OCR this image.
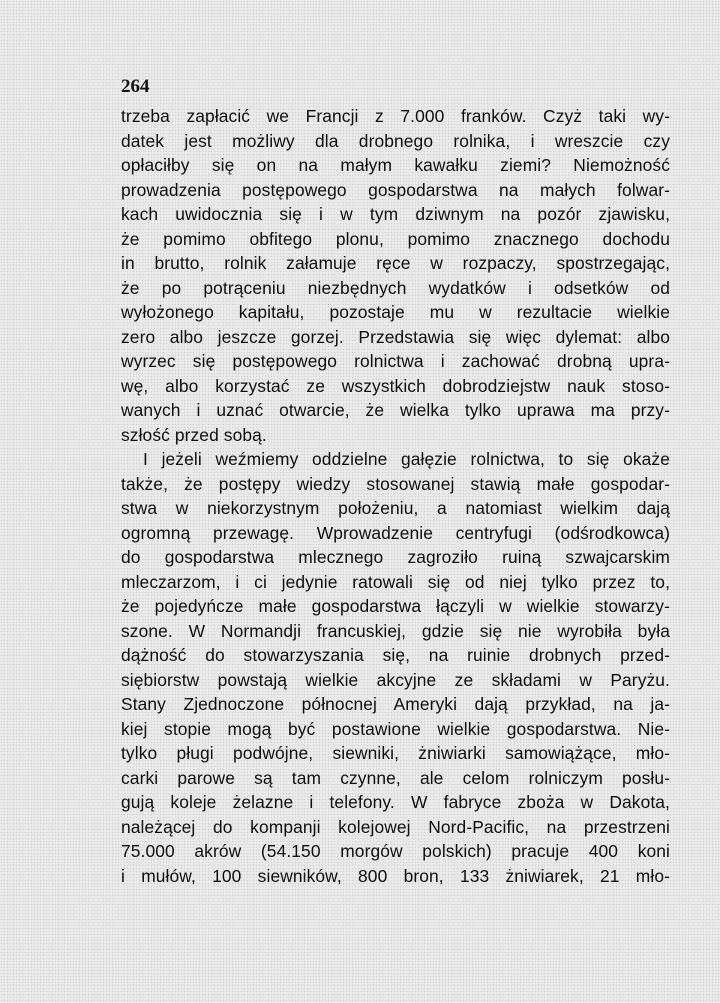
264
trzeba zapłacić we Francji z 7.000 franków. Czyż taki wy-
datek jest możliwy dla drobnego rolnika, i wreszcie czy
opłaciłby się on na małym kawałku ziemi? Niemożność
prowadzenia postępowego gospodarstwa na małych folwar-
kach uwidocznia się i w tym dziwnym na pozór zjawisku,
że pomimo obfitego plonu, pomimo znacznego dochodu
in brutto, rolnik załamuje ręce w rozpaczy, spostrzegając,
że po potrąceniu niezbędnych wydatków i odsetków od
wyłożonego kapitału, pozostaje mu w rezultacie wielkie
zero albo jeszcze gorzej. Przedstawia się więc dylemat: albo
wyrzec się postępowego rolnictwa i zachować drobną upra-
wę, albo korzystać ze wszystkich dobrodziejstw nauk stoso-
wanych i uznać otwarcie, że wielka tylko uprawa ma przy-
szłość przed sobą.
I jeżeli weźmiemy oddzielne gałęzie rolnictwa, to się okaże
także, że postępy wiedzy stosowanej stawią małe gospodar-
stwa w niekorzystnym położeniu, a natomiast wielkim dają
ogromną przewagę. Wprowadzenie centryfugi (odśrodkowca)
do gospodarstwa mlecznego zagroziło ruiną szwajcarskim
mleczarzom, i ci jedynie ratowali się od niej tylko przez to,
że pojedyńcze małe gospodarstwa łączyli w wielkie stowarzy-
szone. W Normandji francuskiej, gdzie się nie wyrobiła była
dążność do stowarzyszania się, na ruinie drobnych przed-
siębiorstw powstają wielkie akcyjne ze składami w Paryżu.
Stany Zjednoczone północnej Ameryki dają przykład, na ja-
kiej stopie mogą być postawione wielkie gospodarstwa. Nie-
tylko pługi podwójne, siewniki, żniwiarki samowiążące, mło-
carki parowe są tam czynne, ale celom rolniczym posłu-
gują koleje żelazne i telefony. W fabryce zboża w Dakota,
należącej do kompanji kolejowej Nord-Pacific, na przestrzeni
75.000 akrów (54.150 morgów polskich) pracuje 400 koni
i mułów, 100 siewników, 800 bron, 133 żniwiarek, 21 mło-
